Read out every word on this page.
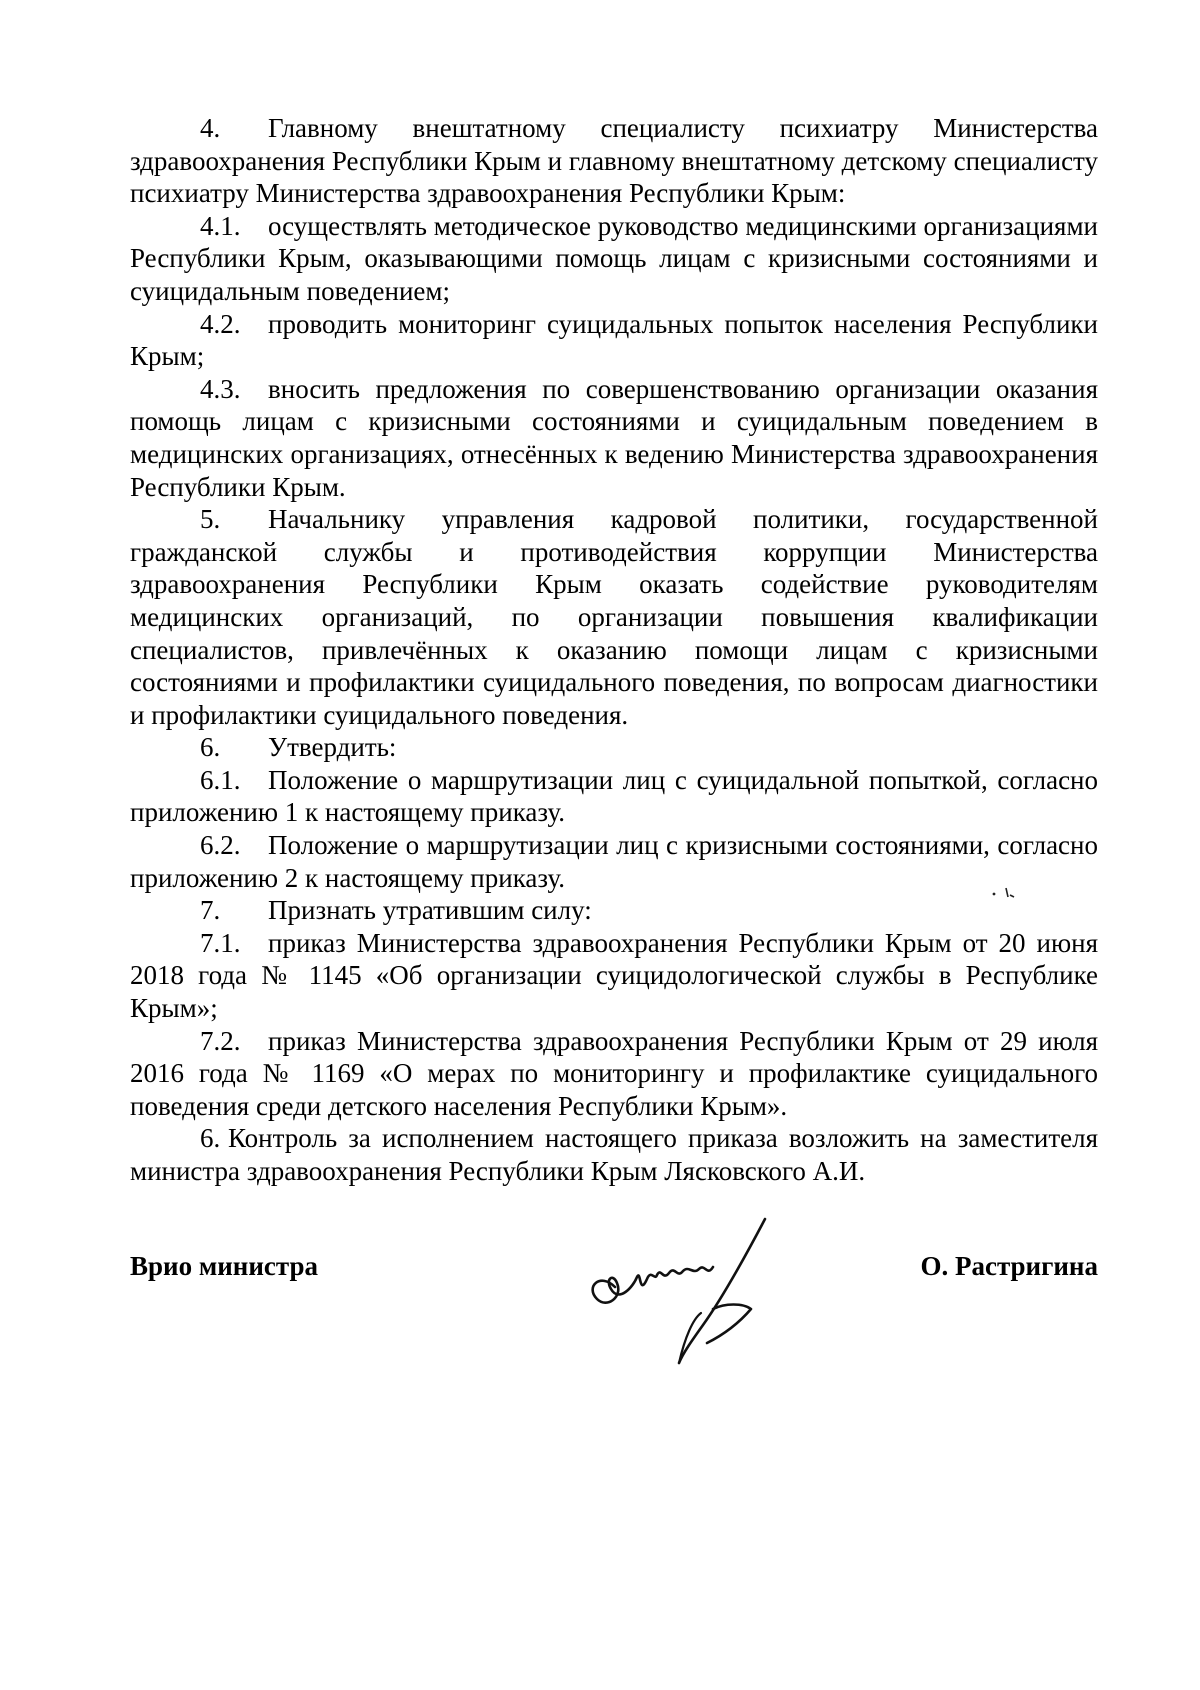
4. Главному внештатному специалисту психиатру Министерства здравоохранения Республики Крым и главному внештатному детскому специалисту психиатру Министерства здравоохранения Республики Крым:

4.1. осуществлять методическое руководство медицинскими организациями Республики Крым, оказывающими помощь лицам с кризисными состояниями и суицидальным поведением;

4.2. проводить мониторинг суицидальных попыток населения Республики Крым;

4.3. вносить предложения по совершенствованию организации оказания помощь лицам с кризисными состояниями и суицидальным поведением в медицинских организациях, отнесённых к ведению Министерства здравоохранения Республики Крым.

5. Начальнику управления кадровой политики, государственной гражданской службы и противодействия коррупции Министерства здравоохранения Республики Крым оказать содействие руководителям медицинских организаций, по организации повышения квалификации специалистов, привлечённых к оказанию помощи лицам с кризисными состояниями и профилактики суицидального поведения, по вопросам диагностики и профилактики суицидального поведения.

6. Утвердить:

6.1. Положение о маршрутизации лиц с суицидальной попыткой, согласно приложению 1 к настоящему приказу.

6.2. Положение о маршрутизации лиц с кризисными состояниями, согласно приложению 2 к настоящему приказу.

7. Признать утратившим силу:

7.1. приказ Министерства здравоохранения Республики Крым от 20 июня 2018 года № 1145 «Об организации суицидологической службы в Республике Крым»;

7.2. приказ Министерства здравоохранения Республики Крым от 29 июля 2016 года № 1169 «О мерах по мониторингу и профилактике суицидального поведения среди детского населения Республики Крым».

6. Контроль за исполнением настоящего приказа возложить на заместителя министра здравоохранения Республики Крым Лясковского А.И.

Врио министра	О. Растригина
